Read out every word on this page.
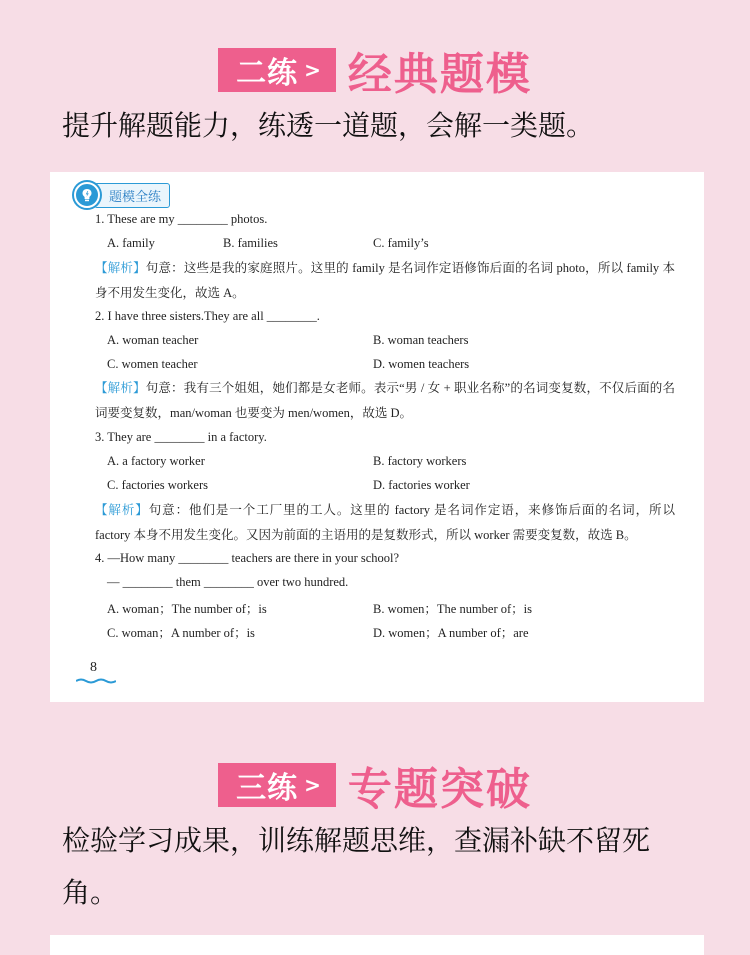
二练 > 经典题模
提升解题能力，练透一道题，会解一类题。
题模全练
1. These are my ________ photos.
A. family	B. families	C. family’s
【解析】句意：这些是我的家庭照片。这里的 family 是名词作定语修饰后面的名词 photo，所以 family 本身不用发生变化，故选 A。
2. I have three sisters.They are all ________.
A. woman teacher	B. woman teachers
C. women teacher	D. women teachers
【解析】句意：我有三个姐姐，她们都是女老师。表示“男 / 女 + 职业名称”的名词变复数，不仅后面的名词要变复数，man/woman 也要变为 men/women，故选 D。
3. They are ________ in a factory.
A. a factory worker	B. factory workers
C. factories workers	D. factories worker
【解析】句意：他们是一个工厂里的工人。这里的 factory 是名词作定语，来修饰后面的名词，所以 factory 本身不用发生变化。又因为前面的主语用的是复数形式，所以 worker 需要变复数，故选 B。
4. —How many ________ teachers are there in your school?
— ________ them ________ over two hundred.
A. woman；The number of；is	B. women；The number of；is
C. woman；A number of；is	D. women；A number of；are
8
三练 > 专题突破
检验学习成果，训练解题思维，查漏补缺不留死角。
